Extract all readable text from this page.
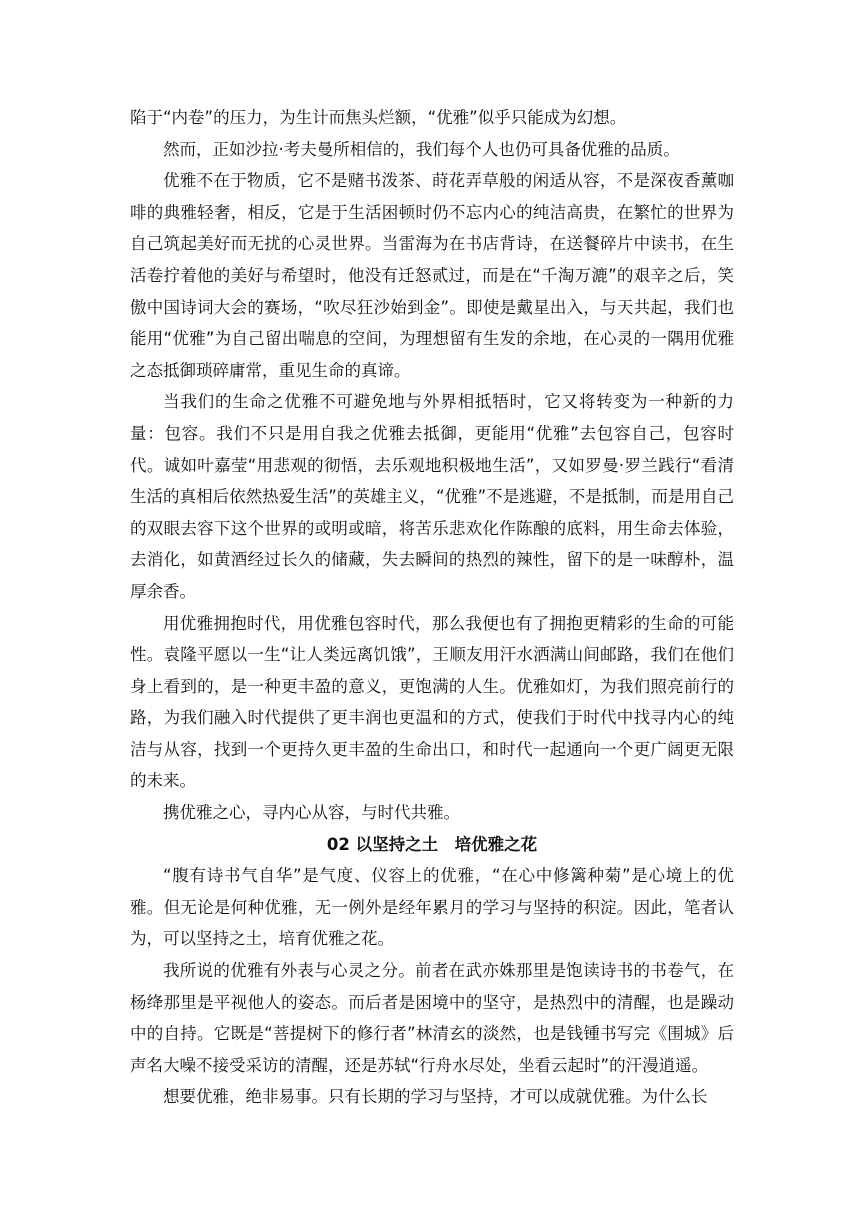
陷于“内卷”的压力，为生计而焦头烂额，“优雅”似乎只能成为幻想。

然而，正如沙拉·考夫曼所相信的，我们每个人也仍可具备优雅的品质。

优雅不在于物质，它不是赌书泼茶、莳花弄草般的闲适从容，不是深夜香薰咖啡的典雅轻奢，相反，它是于生活困顿时仍不忘内心的纯洁高贵，在繁忙的世界为自己筑起美好而无扰的心灵世界。当雷海为在书店背诗，在送餐碎片中读书，在生活卷拧着他的美好与希望时，他没有迁怒贰过，而是在“千淘万漉”的艰辛之后，笑傲中国诗词大会的赛场，“吹尽狂沙始到金”。即使是戴星出入，与天共起，我们也能用“优雅”为自己留出喘息的空间，为理想留有生发的余地，在心灵的一隅用优雅之态抵御琐碎庸常，重见生命的真谛。

当我们的生命之优雅不可避免地与外界相抵牾时，它又将转变为一种新的力量：包容。我们不只是用自我之优雅去抵御，更能用“优雅”去包容自己，包容时代。诚如叶嘉莹“用悲观的彻悟，去乐观地积极地生活”，又如罗曼·罗兰践行“看清生活的真相后依然热爱生活”的英雄主义，“优雅”不是逃避，不是抵制，而是用自己的双眼去容下这个世界的或明或暗，将苦乐悲欢化作陈酿的底料，用生命去体验，去消化，如黄酒经过长久的储藏，失去瞬间的热烈的辣性，留下的是一味醇朴，温厚余香。

用优雅拥抱时代，用优雅包容时代，那么我便也有了拥抱更精彩的生命的可能性。袁隆平愿以一生“让人类远离饥饿”，王顺友用汗水洒满山间邮路，我们在他们身上看到的，是一种更丰盈的意义，更饱满的人生。优雅如灯，为我们照亮前行的路，为我们融入时代提供了更丰润也更温和的方式，使我们于时代中找寻内心的纯洁与从容，找到一个更持久更丰盈的生命出口，和时代一起通向一个更广阔更无限的未来。

携优雅之心，寻内心从容，与时代共雅。

02 以坚持之土　培优雅之花

“腹有诗书气自华”是气度、仪容上的优雅，“在心中修篱种菊”是心境上的优雅。但无论是何种优雅，无一例外是经年累月的学习与坚持的积淀。因此，笔者认为，可以坚持之土，培育优雅之花。

我所说的优雅有外表与心灵之分。前者在武亦姝那里是饱读诗书的书卷气，在杨绛那里是平视他人的姿态。而后者是困境中的坚守，是热烈中的清醒，也是躁动中的自持。它既是“菩提树下的修行者”林清玄的淡然，也是钱锺书写完《围城》后声名大噪不接受采访的清醒，还是苏轼“行舟水尽处，坐看云起时”的汗漫逍遥。

想要优雅，绝非易事。只有长期的学习与坚持，才可以成就优雅。为什么长
